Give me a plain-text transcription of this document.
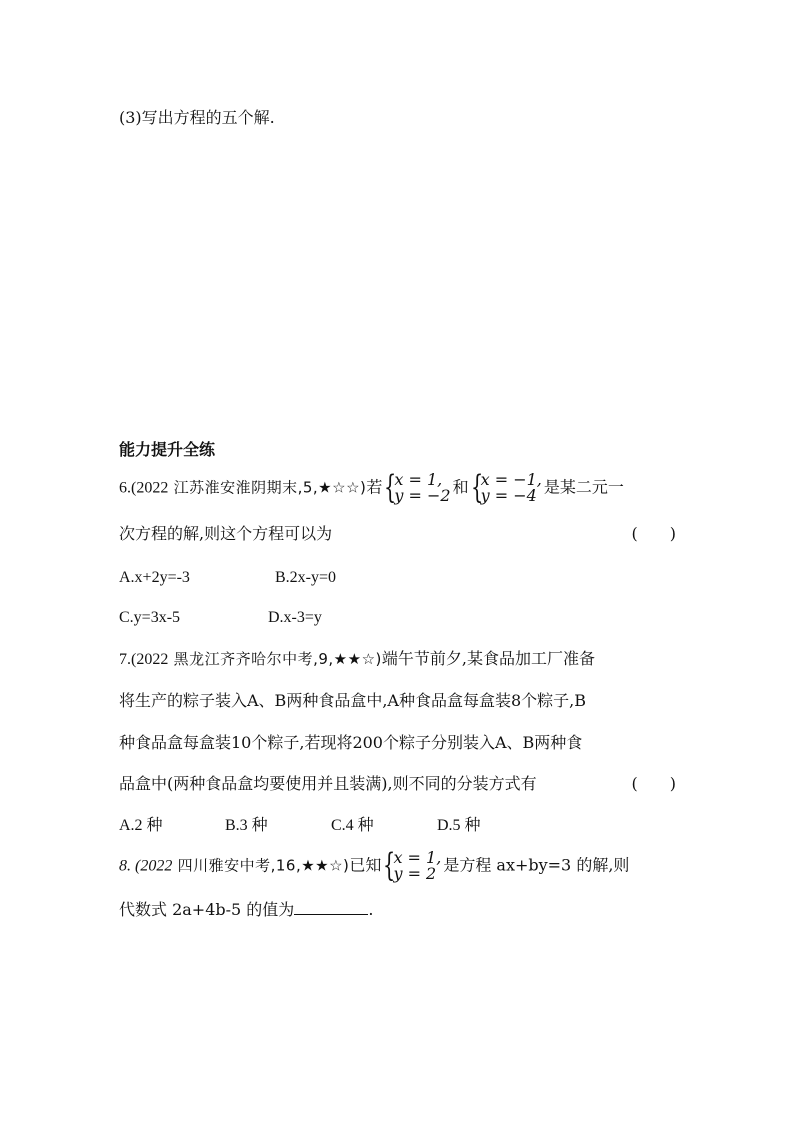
(3)写出方程的五个解.
能力提升全练
6.(2022 江苏淮安淮阴期末,5,★☆☆)若 {
x = 1,
y = −2 和 {
x = −1,
y = −4 是某二元一
次方程的解,则这个方程可以为	(　　)
A.x+2y=-3	B.2x-y=0
C.y=3x-5	D.x-3=y
7.(2022 黑龙江齐齐哈尔中考,9,★★☆)端午节前夕,某食品加工厂准备
将生产的粽子装入A、B两种食品盒中,A种食品盒每盒装8个粽子,B
种食品盒每盒装10个粽子,若现将200个粽子分别装入A、B两种食
品盒中(两种食品盒均要使用并且装满),则不同的分装方式有	(　　)
A.2 种	B.3 种	C.4 种	D.5 种
8. (2022 四川雅安中考,16,★★☆)已知 {
x = 1,
y = 2 是方程 ax+by=3 的解,则
代数式 2a+4b-5 的值为	.
